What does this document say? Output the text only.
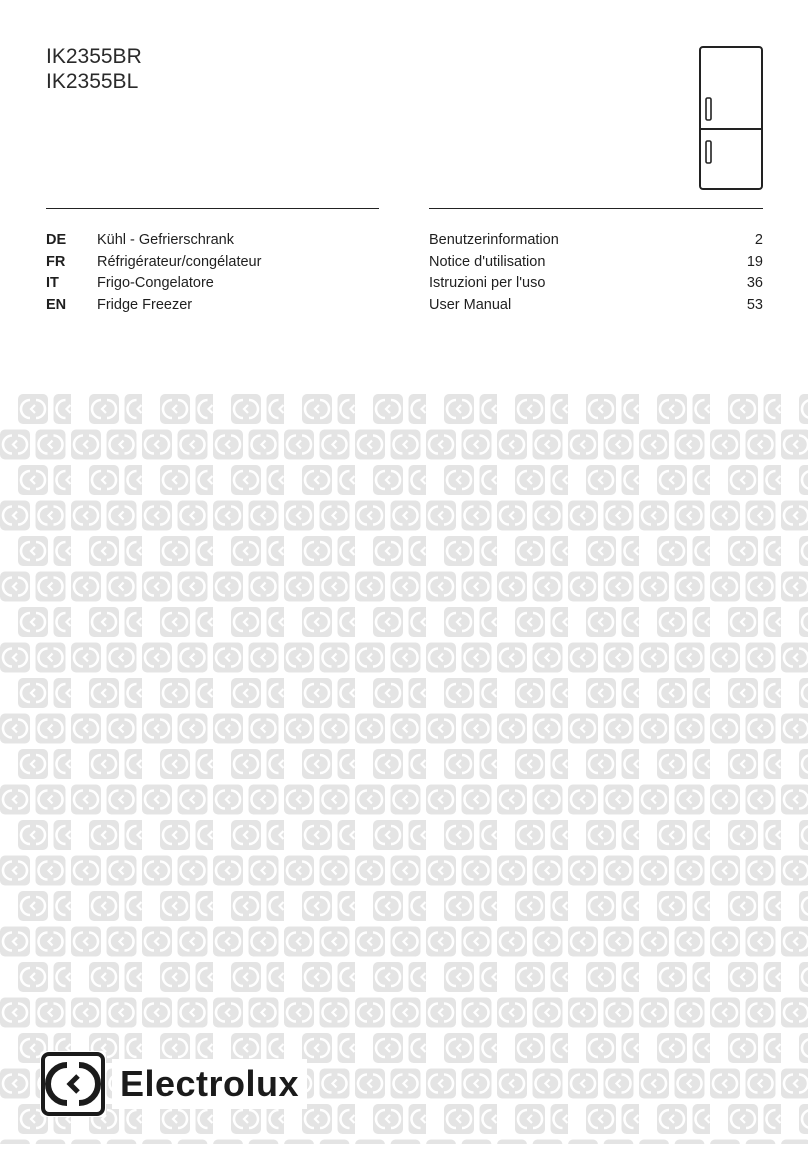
IK2355BR
IK2355BL
DE Kühl - Gefrierschrank	Benutzerinformation	2
FR Réfrigérateur/congélateur	Notice d'utilisation	19
IT	Frigo-Congelatore	Istruzioni per l'uso	36
EN Fridge Freezer	User Manual	53
Electrolux
